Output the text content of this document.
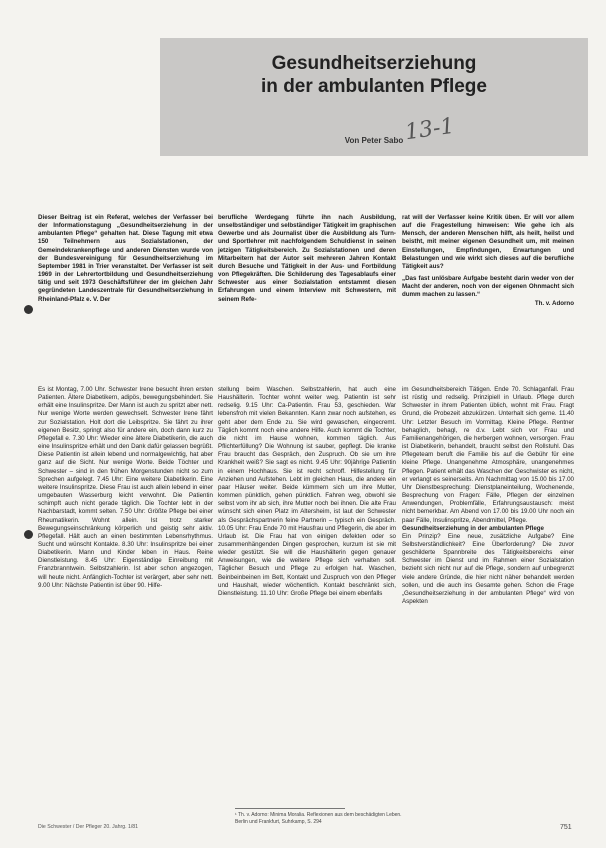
Gesundheitserziehung
in der ambulanten Pflege
Von Peter Sabo 13-1

Dieser Beitrag ist ein Referat, welches der Verfasser bei der Informationstagung „Gesundheitserziehung in der ambulanten Pflege“ gehalten hat. Diese Tagung mit etwa 150 Teilnehmern aus Sozialstationen, der Gemeindekrankenpflege und anderen Diensten wurde von der Bundesvereinigung für Gesundheitserziehung im September 1981 in Trier veranstaltet. Der Verfasser ist seit 1969 in der Lehrertortbildung und Gesundheitserziehung tätig und seit 1973 Geschäftsführer der im gleichen Jahr gegründeten Landeszentrale für Gesundheitserziehung in Rheinland-Pfalz e. V. Der

berufliche Werdegang führte ihn nach Ausbildung, unselbständiger und selbständiger Tätigkeit im graphischen Gewerbe und als Journalist über die Ausbildung als Turn- und Sportlehrer mit nachfolgendem Schuldienst in seinen jetzigen Tätigkeitsbereich. Zu Sozialstationen und deren Mitarbeitern hat der Autor seit mehreren Jahren Kontakt durch Besuche und Tätigkeit in der Aus- und Fortbildung von Pflegekräften. Die Schilderung des Tagesablaufs einer Schwester aus einer Sozialstation entstammt diesen Erfahrungen und einem Interview mit Schwestern, mit seinem Refe-

rat will der Verfasser keine Kritik üben. Er will vor allem auf die Fragestellung hinweisen: Wie gehe ich als Mensch, der anderen Menschen hilft, als heilt, heilst und beistht, mit meiner eigenen Gesundheit um, mit meinen Einstellungen, Empfindungen, Erwartungen und Belastungen und wie wirkt sich dieses auf die berufliche Tätigkeit aus?

„Das fast unlösbare Aufgabe besteht darin weder von der Macht der anderen, noch von der eigenen Ohnmacht sich dumm machen zu lassen.“

Th. v. Adorno

Es ist Montag, 7.00 Uhr. Schwester Irene besucht ihren ersten Patienten. Ältere Diabetikern, adipös, bewegungsbehindert. Sie erhält eine Insulinspritze. Der Mann ist auch zu spritzt aber nett. Nur wenige Worte werden gewechselt. Schwester Irene fährt zur Sozialstation. Holt dort die Leibspritze. Sie fährt zu ihrer eigenen Besitz, springt also für andere ein, doch dann kurz zu Pflegefall e. 7.30 Uhr: Wieder eine ältere Diabetikerin, die auch eine Insulinspritze erhält und den Dank dafür gelassen begrüßt. Diese Patientin ist allein lebend und normalgewichtig, hat aber ganz auf die Sicht. Nur wenige Worte. Beide Töchter und Schwester – sind in den frühen Morgenstunden nicht so zum Sprechen aufgelegt. 7.45 Uhr: Eine weitere Diabetikerin. Eine weitere Insulinspritze. Diese Frau ist auch allein lebend in einer umgebauten Wasserburg leicht verwohnt. Die Patientin schimpft auch nicht gerade täglich. Die Tochter lebt in der Nachbarstadt, kommt selten. 7.50 Uhr: Größte Pflege bei einer Rheumatikerin. Wohnt allein. Ist trotz starker Bewegungseinschränkung körperlich und geistig sehr aktiv. Pflegefall. Hält auch an einen bestimmten Lebensrhythmus. Sucht und wünscht Kontakte. 8.30 Uhr: Insulinspritze bei einer Diabetikerin. Mann und Kinder leben in Haus. Reine Dienstleistung. 8.45 Uhr: Eigenständige Einreibung mit Franzbranntwein. Selbstzahlerin. Ist aber schon angezogen, will heute nicht. Anfänglich-Tochter ist verärgert, aber sehr nett. 9.00 Uhr: Nächste Patientin ist über 90. Hilfe-

stellung beim Waschen. Selbstzahlerin, hat auch eine Haushälterin. Tochter wohnt weiter weg. Patientin ist sehr redselig. 9.15 Uhr: Ca-Patientin. Frau 53, geschieden. War lebensfroh mit vielen Bekannten. Kann zwar noch aufstehen, es geht aber dem Ende zu. Sie wird gewaschen, eingecremt. Täglich kommt noch eine andere Hilfe. Auch kommt die Tochter, die nicht im Hause wohnen, kommen täglich. Aus Pflichterfüllung? Die Wohnung ist sauber, gepflegt. Die kranke Frau braucht das Gespräch, den Zuspruch. Ob sie um ihre Krankheit weiß? Sie sagt es nicht. 9.45 Uhr: 90jährige Patientin in einem Hochhaus. Sie ist recht schroff. Hilfestellung für Anziehen und Aufstehen. Lebt im gleichen Haus, die andere ein paar Häuser weiter. Beide kümmern sich um ihre Mutter, kommen pünktlich, gehen pünktlich. Fahren weg, obwohl sie selbst vom ihr ab sich, ihre Mutter noch bei ihnen. Die alte Frau wünscht sich einen Platz im Altersheim, ist laut der Schwester als Gesprächspartnerin feine Partnerin – typisch ein Gespräch. 10.05 Uhr: Frau Ende 70 mit Hausfrau und Pflegerin, die aber im Urlaub ist. Die Frau hat von einigen defekten oder so zusammenhängenden Dingen gesprochen, kurzum ist sie mit wieder gestützt. Sie will die Haushälterin gegen genauer Anweisungen, wie die weitere Pflege sich verhalten soll. Täglicher Besuch und Pflege zu erfolgen hat. Waschen, Beinbeinbeinen im Bett, Kontakt und Zuspruch von den Pfleger und Haushalt, wieder wöchentlich. Kontakt beschränkt sich, Dienstleistung. 11.10 Uhr: Große Pflege bei einem ebenfalls

im Gesundheitsbereich Tätigen. Ende 70. Schlaganfall. Frau ist rüstig und redselig. Prinzipiell in Urlaub. Pflege durch Schwester in ihrem Patienten üblich, wohnt mit Frau. Fragt Grund, die Probezeit abzukürzen. Unterhalt sich gerne. 11.40 Uhr: Letzter Besuch im Vormittag. Kleine Pflege. Rentner behaglich, behagl, re d.v. Lebt sich vor Frau und Familienangehörigen, die herbergen wohnen, versorgen. Frau ist Diabetikerin, behandelt, braucht selbst den Rollstuhl. Das Pflegeteam beruft die Familie bis auf die Gebühr für eine kleine Pflege. Unangenehme Atmosphäre, unangenehmes Pflegen. Patient erhält das Waschen der Geschwister es nicht, er verlangt es seinerseits. Am Nachmittag von 15.00 bis 17.00 Uhr Dienstbesprechung: Dienstplaneinteilung, Wochenende, Besprechung von Fragen: Fälle, Pflegen der einzelnen Anwendungen, Problemfälle, Erfahrungsaustausch: meist nicht bemerkbar. Am Abend von 17.00 bis 19.00 Uhr noch ein paar Fälle, Insulinspritze, Abendmittel, Pflege.

Gesundheitserziehung in der ambulanten Pflege

Ein Prinzip? Eine neue, zusätzliche Aufgabe? Eine Selbstverständlichkeit? Eine Überforderung? Die zuvor geschilderte Spannbreite des Tätigkeitsbereichs einer Schwester im Dienst und im Rahmen einer Sozialstation bezieht sich nicht nur auf die Pflege, sondern auf unbegrenzt viele andere Gründe, die hier nicht näher behandelt werden sollen, und die auch ins Gesamte gehen. Schon die Frage „Gesundheitserziehung in der ambulanten Pflege“ wird von Aspekten

¹ Th. v. Adorno: Minima Moralia. Reflexionen aus dem beschädigten Leben. Berlin und Frankfurt, Suhrkamp, S. 294
Die Schwester / Der Pfleger 20. Jahrg. 1/81	751
